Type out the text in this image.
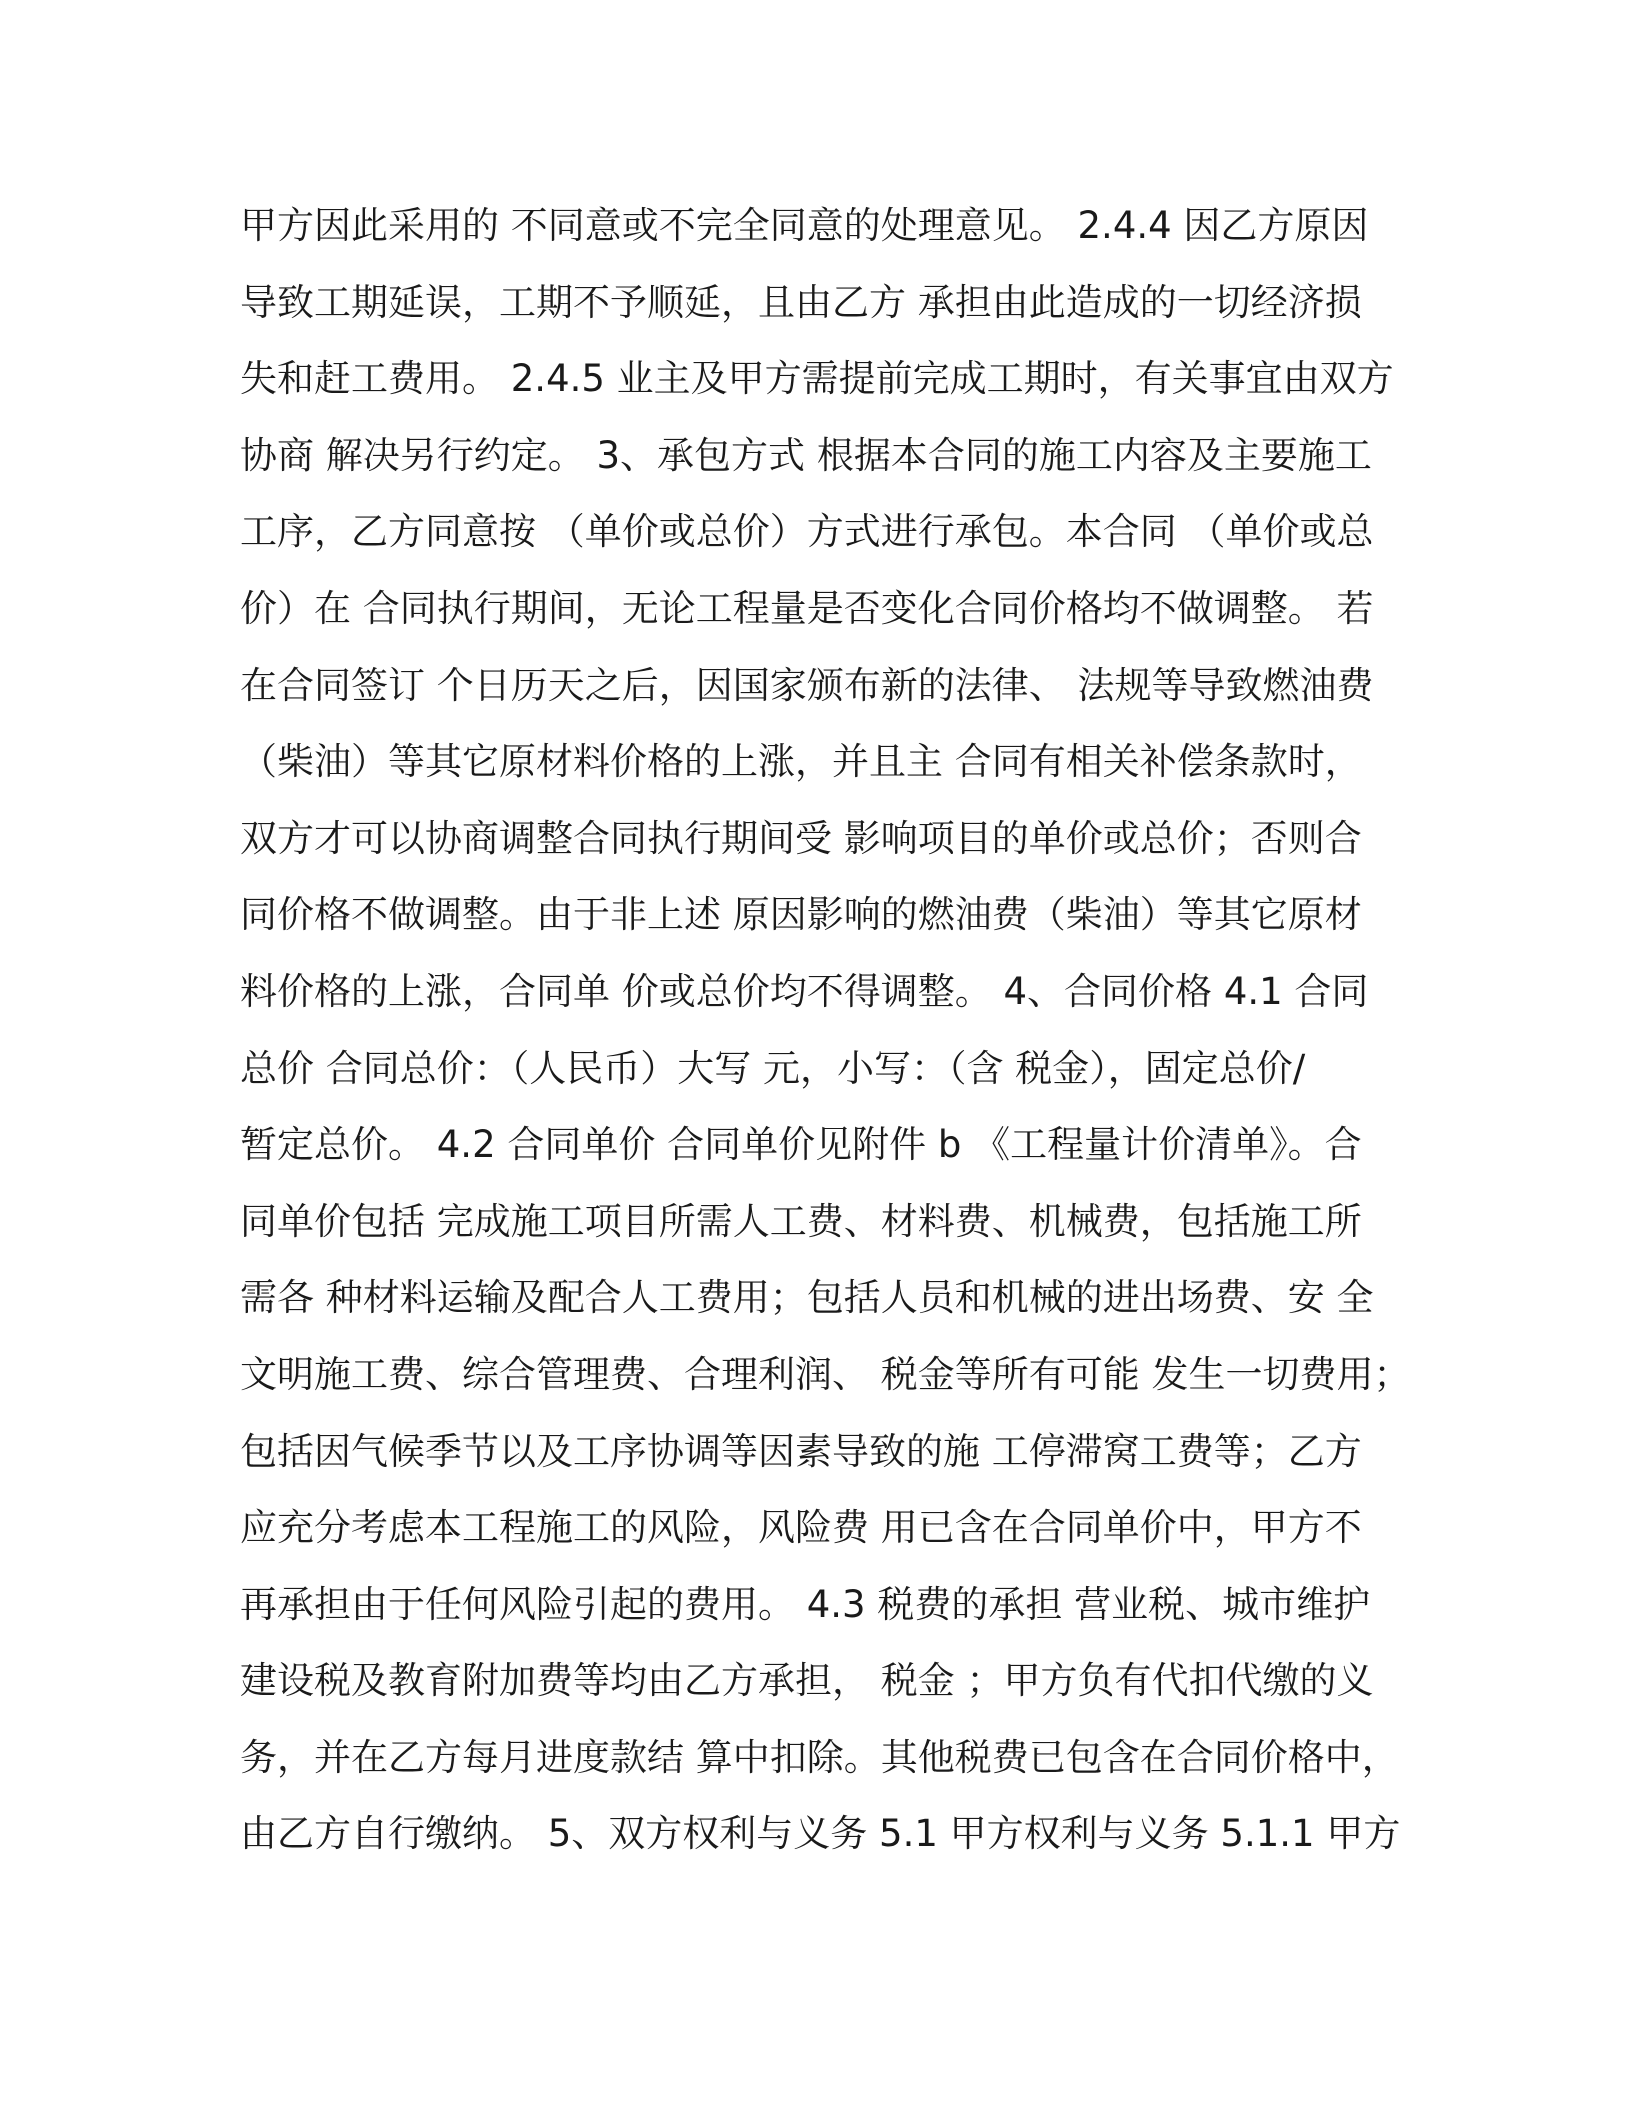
甲方因此采用的 不同意或不完全同意的处理意见。 2.4.4 因乙方原因
导致工期延误，工期不予顺延，且由乙方 承担由此造成的一切经济损
失和赶工费用。 2.4.5 业主及甲方需提前完成工期时，有关事宜由双方
协商 解决另行约定。 3、承包方式 根据本合同的施工内容及主要施工
工序，乙方同意按 （单价或总价）方式进行承包。本合同 （单价或总
价）在 合同执行期间，无论工程量是否变化合同价格均不做调整。 若
在合同签订 个日历天之后，因国家颁布新的法律、 法规等导致燃油费
（柴油）等其它原材料价格的上涨，并且主 合同有相关补偿条款时，
双方才可以协商调整合同执行期间受 影响项目的单价或总价；否则合
同价格不做调整。由于非上述 原因影响的燃油费（柴油）等其它原材
料价格的上涨，合同单 价或总价均不得调整。 4、合同价格 4.1 合同
总价 合同总价：（人民币）大写 元，小写：（含 税金），固定总价/
暂定总价。 4.2 合同单价 合同单价见附件 b 《工程量计价清单》。合
同单价包括 完成施工项目所需人工费、材料费、机械费，包括施工所
需各 种材料运输及配合人工费用；包括人员和机械的进出场费、安 全
文明施工费、综合管理费、合理利润、 税金等所有可能 发生一切费用；
包括因气候季节以及工序协调等因素导致的施 工停滞窝工费等；乙方
应充分考虑本工程施工的风险，风险费 用已含在合同单价中，甲方不
再承担由于任何风险引起的费用。 4.3 税费的承担 营业税、城市维护
建设税及教育附加费等均由乙方承担， 税金 ；甲方负有代扣代缴的义
务，并在乙方每月进度款结 算中扣除。其他税费已包含在合同价格中，
由乙方自行缴纳。 5、双方权利与义务 5.1 甲方权利与义务 5.1.1 甲方
